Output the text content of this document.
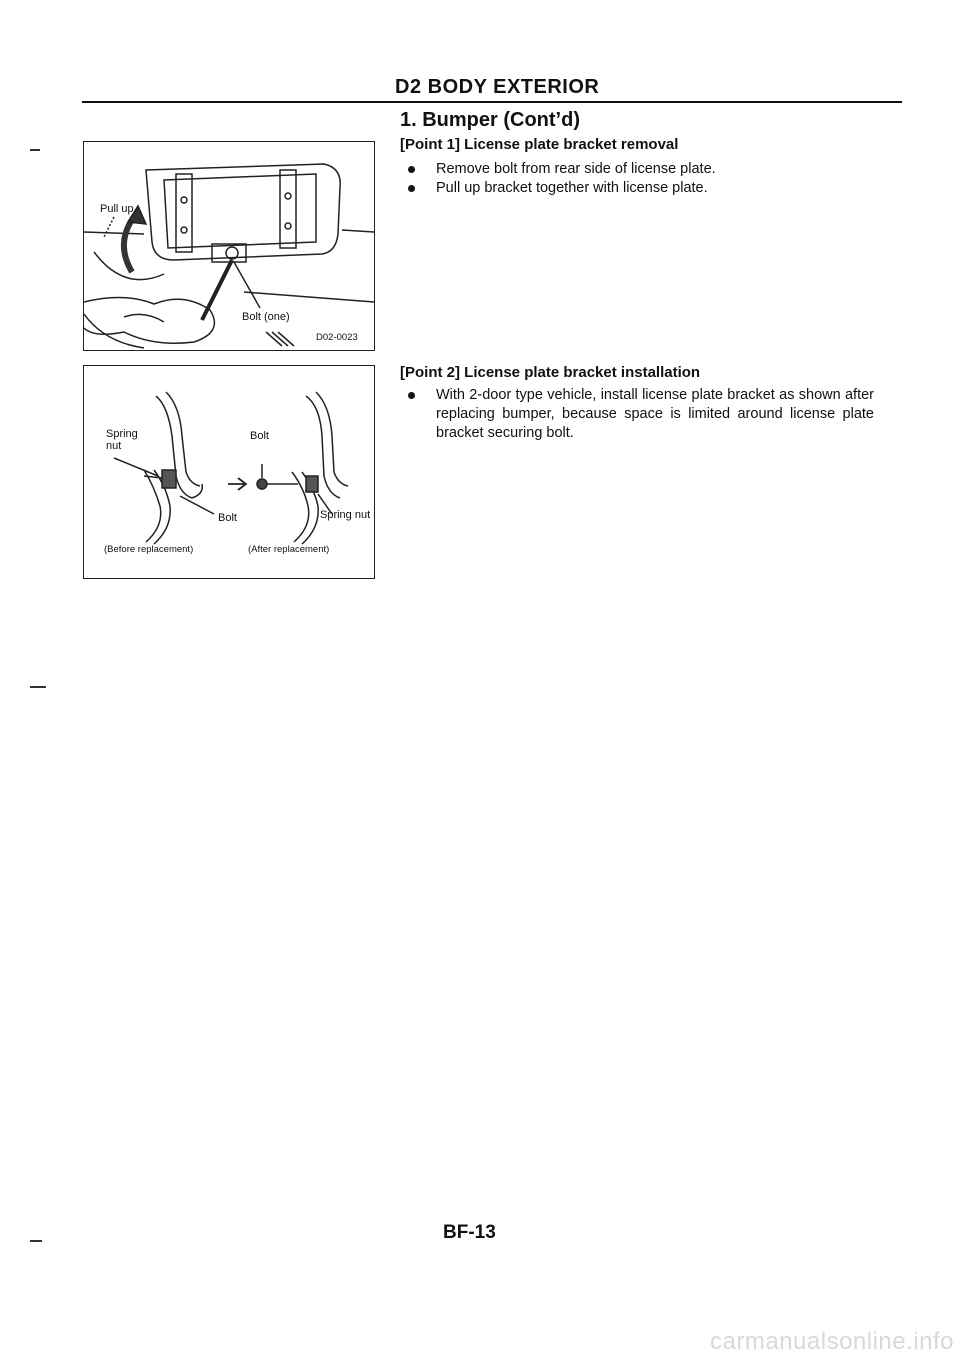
D2 BODY EXTERIOR
1. Bumper (Cont’d)
[Point 1] License plate bracket removal
Remove bolt from rear side of license plate.
Pull up bracket together with license plate.
[Point 2] License plate bracket installation
With 2-door type vehicle, install license plate bracket as shown after replacing bumper, because space is limited around license plate bracket securing bolt.
Pull up
Bolt (one)
D02-0023
Spring nut
Bolt
Bolt	Spring nut
(Before replacement)	(After replacement)
BF-13
carmanualsonline.info
